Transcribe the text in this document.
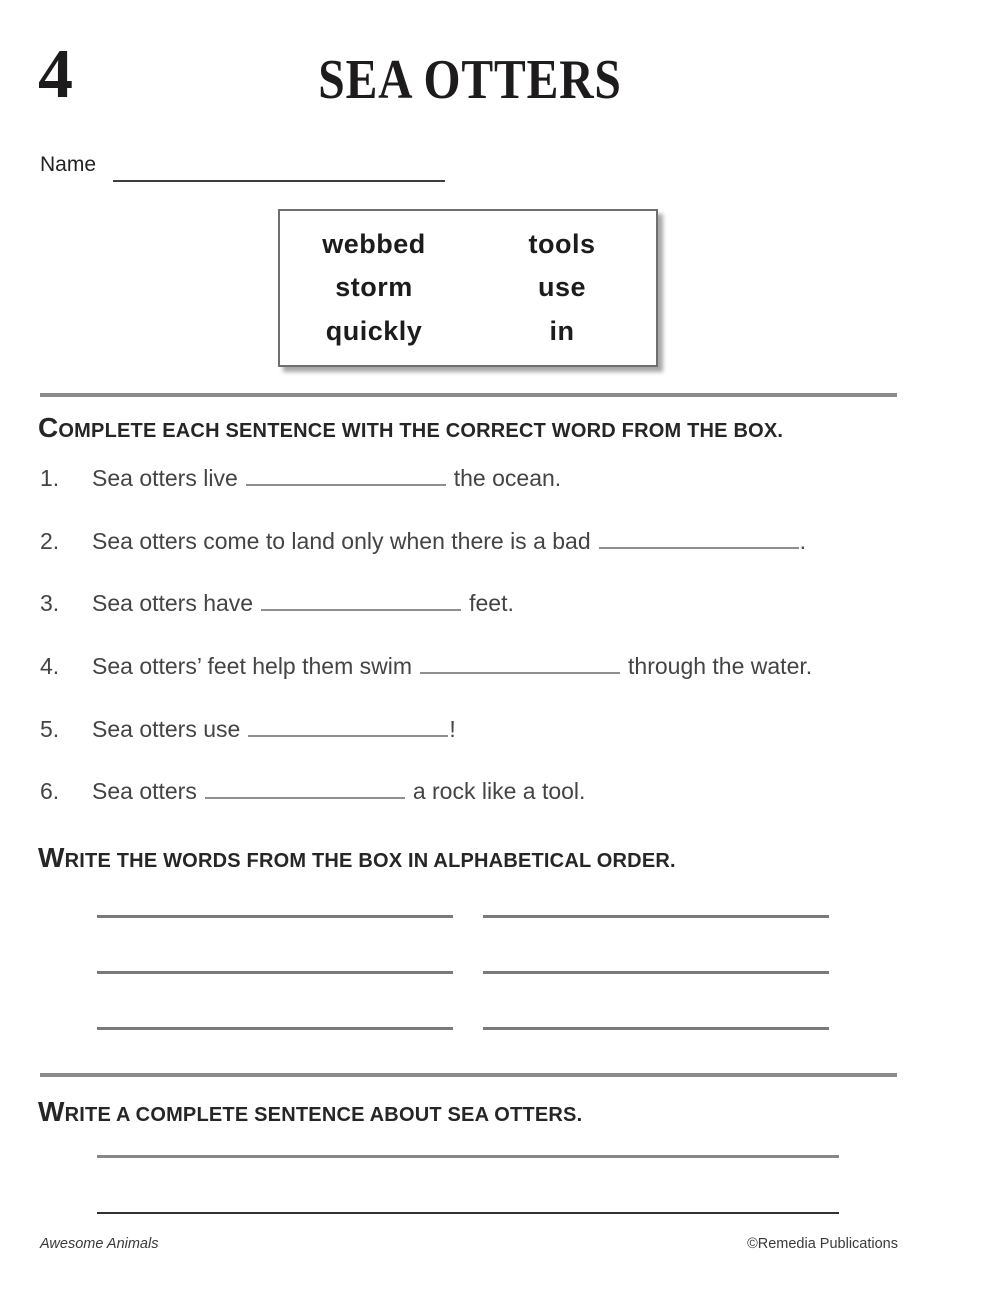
4	SEA OTTERS
Name
webbed	tools
storm	use
quickly	in
COMPLETE EACH SENTENCE WITH THE CORRECT WORD FROM THE BOX.
1. Sea otters live	the ocean.
2. Sea otters come to land only when there is a bad	.
3. Sea otters have	feet.
4. Sea otters’ feet help them swim	through the water.
5. Sea otters use	!
6. Sea otters	a rock like a tool.
WRITE THE WORDS FROM THE BOX IN ALPHABETICAL ORDER.
WRITE A COMPLETE SENTENCE ABOUT SEA OTTERS.
Awesome Animals	©Remedia Publications
